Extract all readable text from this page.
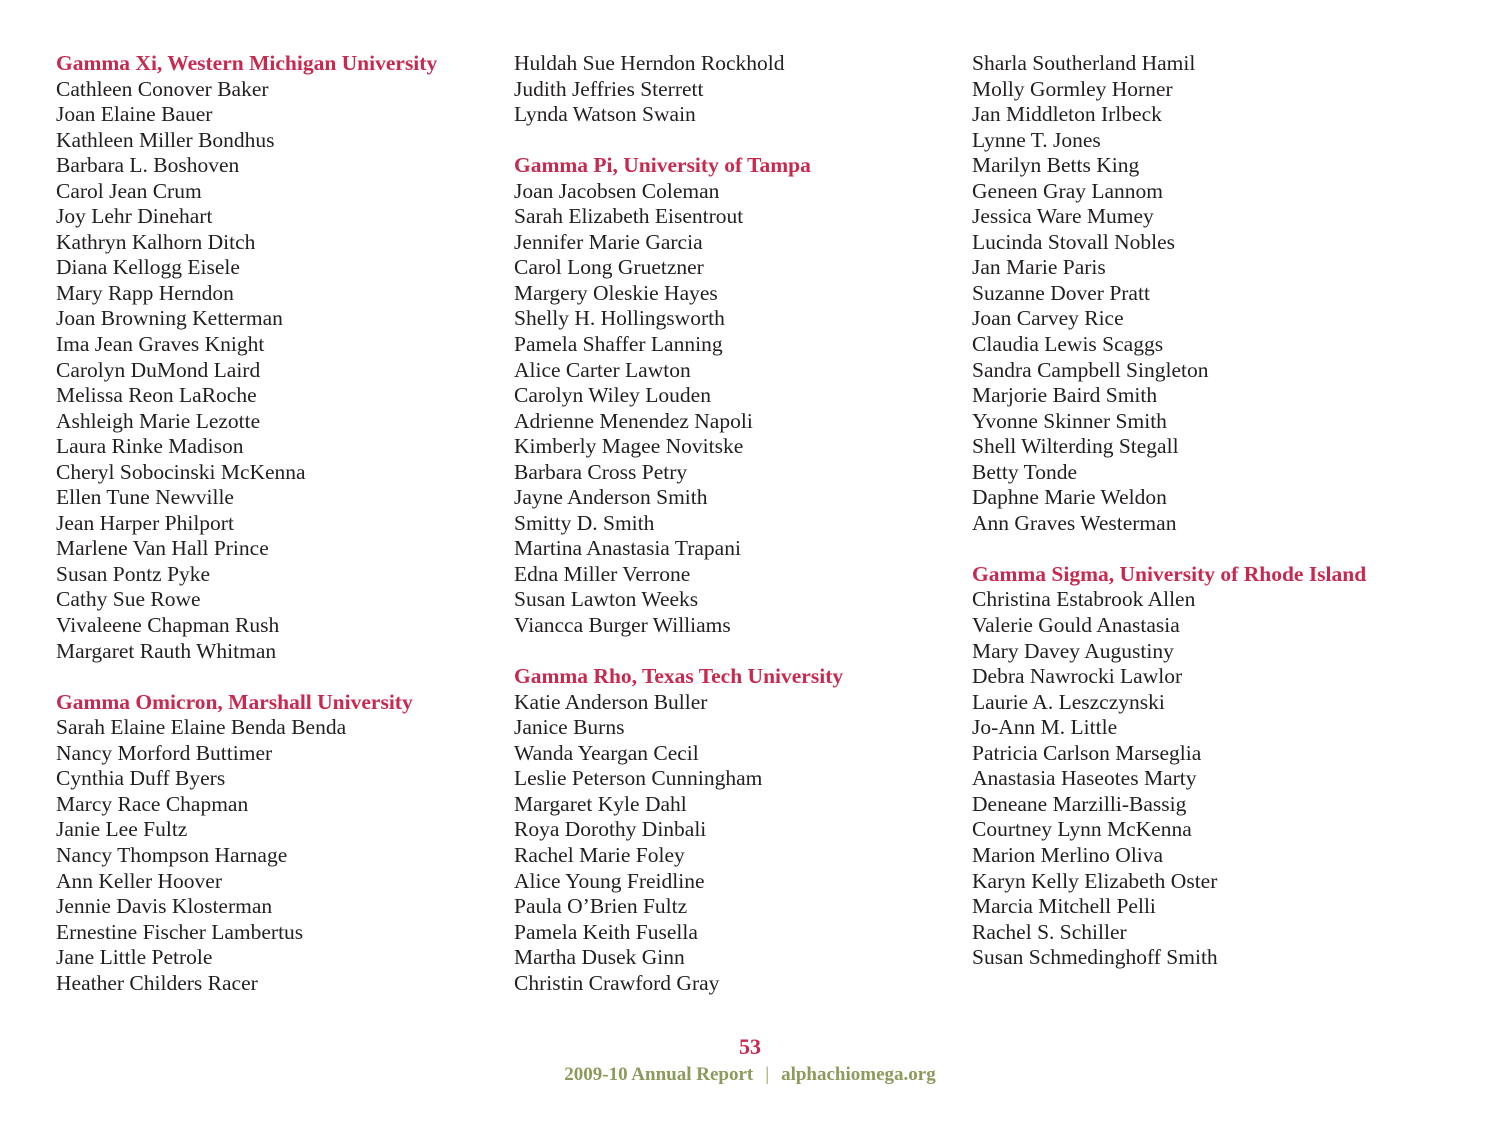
Gamma Xi, Western Michigan University
Cathleen Conover Baker
Joan Elaine Bauer
Kathleen Miller Bondhus
Barbara L. Boshoven
Carol Jean Crum
Joy Lehr Dinehart
Kathryn Kalhorn Ditch
Diana Kellogg Eisele
Mary Rapp Herndon
Joan Browning Ketterman
Ima Jean Graves Knight
Carolyn DuMond Laird
Melissa Reon LaRoche
Ashleigh Marie Lezotte
Laura Rinke Madison
Cheryl Sobocinski McKenna
Ellen Tune Newville
Jean Harper Philport
Marlene Van Hall Prince
Susan Pontz Pyke
Cathy Sue Rowe
Vivaleene Chapman Rush
Margaret Rauth Whitman
Gamma Omicron, Marshall University
Sarah Elaine Elaine Benda Benda
Nancy Morford Buttimer
Cynthia Duff Byers
Marcy Race Chapman
Janie Lee Fultz
Nancy Thompson Harnage
Ann Keller Hoover
Jennie Davis Klosterman
Ernestine Fischer Lambertus
Jane Little Petrole
Heather Childers Racer
Huldah Sue Herndon Rockhold
Judith Jeffries Sterrett
Lynda Watson Swain
Gamma Pi, University of Tampa
Joan Jacobsen Coleman
Sarah Elizabeth Eisentrout
Jennifer Marie Garcia
Carol Long Gruetzner
Margery Oleskie Hayes
Shelly H. Hollingsworth
Pamela Shaffer Lanning
Alice Carter Lawton
Carolyn Wiley Louden
Adrienne Menendez Napoli
Kimberly Magee Novitske
Barbara Cross Petry
Jayne Anderson Smith
Smitty D. Smith
Martina Anastasia Trapani
Edna Miller Verrone
Susan Lawton Weeks
Viancca Burger Williams
Gamma Rho, Texas Tech University
Katie Anderson Buller
Janice Burns
Wanda Yeargan Cecil
Leslie Peterson Cunningham
Margaret Kyle Dahl
Roya Dorothy Dinbali
Rachel Marie Foley
Alice Young Freidline
Paula O’Brien Fultz
Pamela Keith Fusella
Martha Dusek Ginn
Christin Crawford Gray
Sharla Southerland Hamil
Molly Gormley Horner
Jan Middleton Irlbeck
Lynne T. Jones
Marilyn Betts King
Geneen Gray Lannom
Jessica Ware Mumey
Lucinda Stovall Nobles
Jan Marie Paris
Suzanne Dover Pratt
Joan Carvey Rice
Claudia Lewis Scaggs
Sandra Campbell Singleton
Marjorie Baird Smith
Yvonne Skinner Smith
Shell Wilterding Stegall
Betty Tonde
Daphne Marie Weldon
Ann Graves Westerman
Gamma Sigma, University of Rhode Island
Christina Estabrook Allen
Valerie Gould Anastasia
Mary Davey Augustiny
Debra Nawrocki Lawlor
Laurie A. Leszczynski
Jo-Ann M. Little
Patricia Carlson Marseglia
Anastasia Haseotes Marty
Deneane Marzilli-Bassig
Courtney Lynn McKenna
Marion Merlino Oliva
Karyn Kelly Elizabeth Oster
Marcia Mitchell Pelli
Rachel S. Schiller
Susan Schmedinghoff Smith
53
2009-10 Annual Report | alphachiomega.org
